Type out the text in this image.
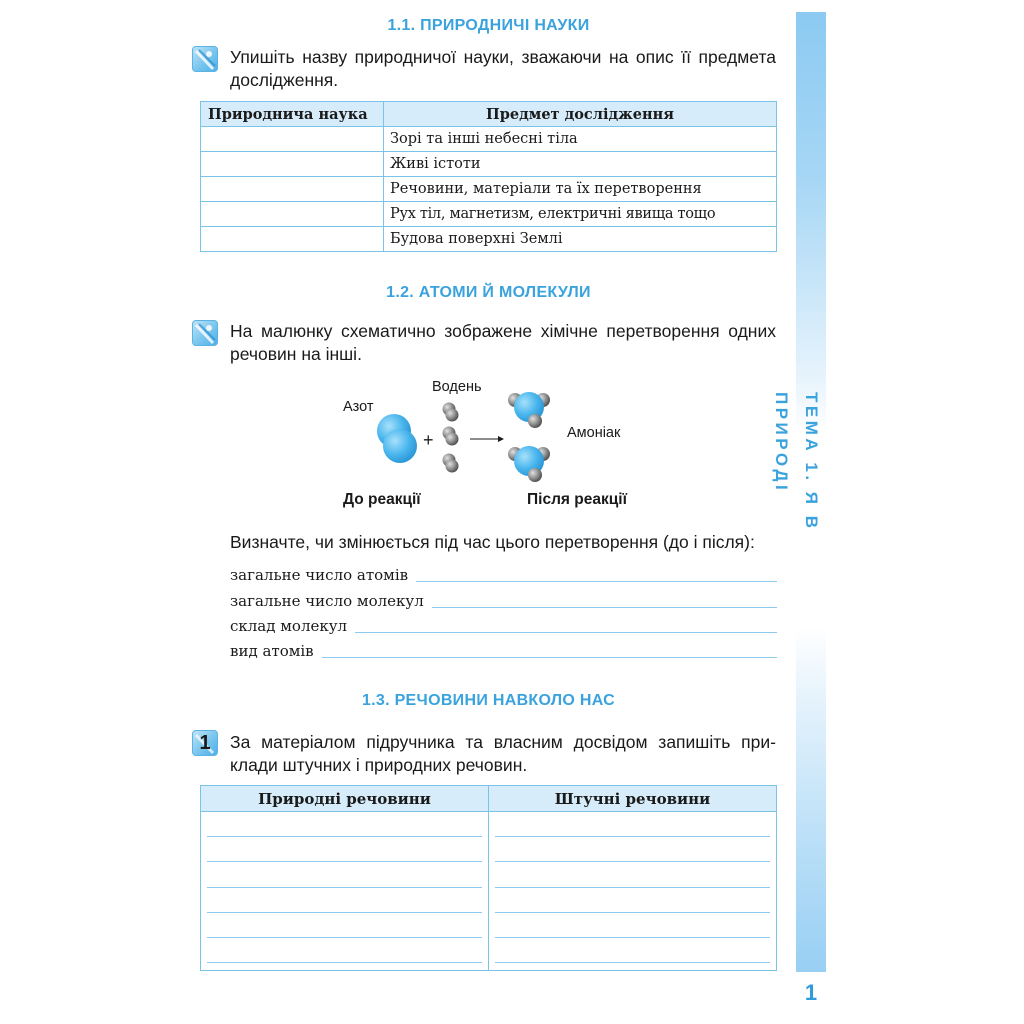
1.1. ПРИРОДНИЧІ НАУКИ
Упишіть назву природничої науки, зважаючи на опис її предмета дослідження.
Природнича наука	Предмет дослідження
	Зорі та інші небесні тіла
	Живі істоти
	Речовини, матеріали та їх перетворення
	Рух тіл, магнетизм, електричні явища тощо
	Будова поверхні Землі
1.2. АТОМИ Й МОЛЕКУЛИ
На малюнку схематично зображене хімічне перетворення одних речовин на інші.
Азот
Водень
Амоніак
+
До реакції	Після реакції
Визначте, чи змінюється під час цього перетворення (до і після):
загальне число атомів
загальне число молекул
склад молекул
вид атомів
1.3. РЕЧОВИНИ НАВКОЛО НАС
1	За матеріалом підручника та власним досвідом запишіть приклади штучних і природних речовин.
Природні речовини	Штучні речовини

ТЕМА 1. Я В ПРИРОДІ
1
